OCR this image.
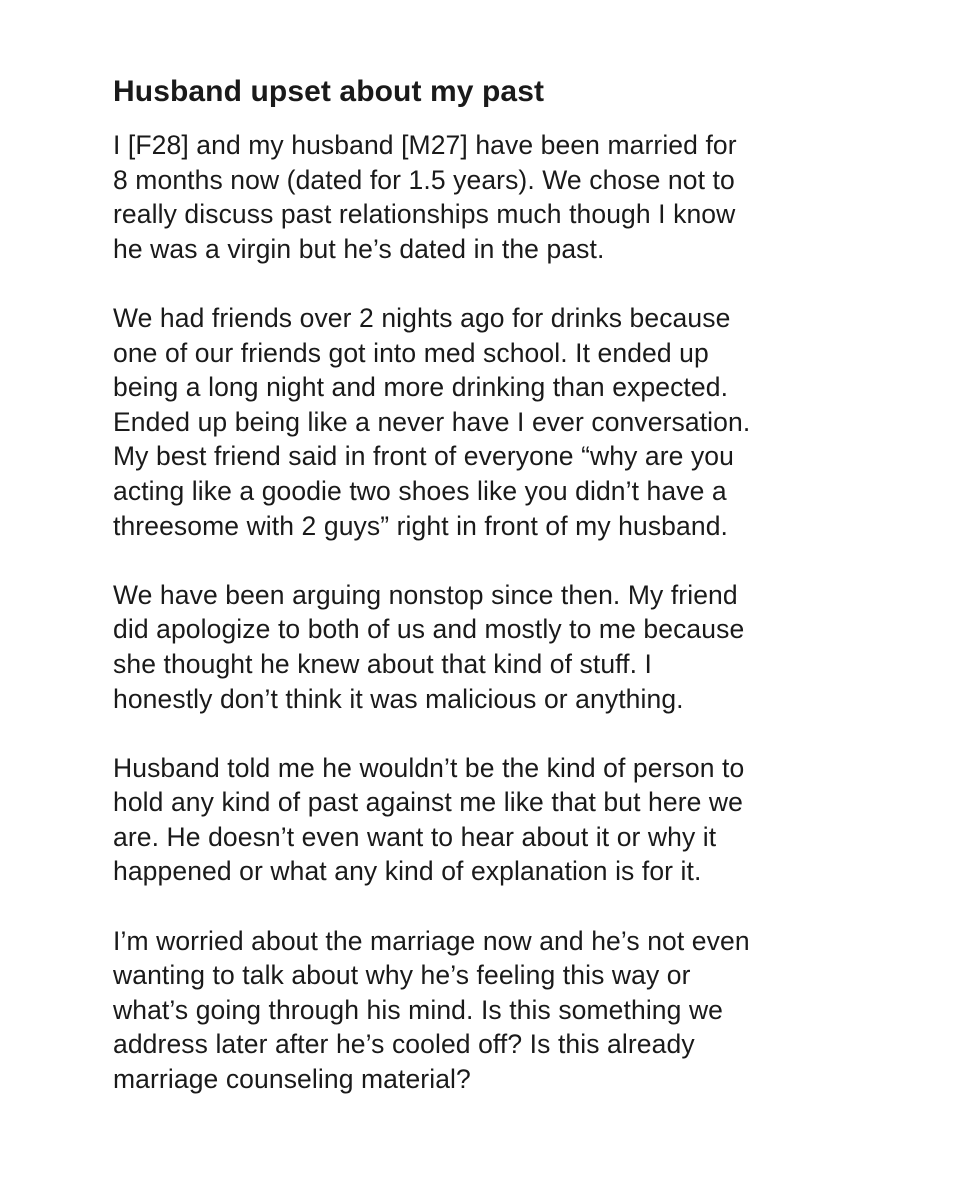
Husband upset about my past

I [F28] and my husband [M27] have been married for
8 months now (dated for 1.5 years). We chose not to
really discuss past relationships much though I know
he was a virgin but he’s dated in the past.

We had friends over 2 nights ago for drinks because
one of our friends got into med school. It ended up
being a long night and more drinking than expected.
Ended up being like a never have I ever conversation.
My best friend said in front of everyone “why are you
acting like a goodie two shoes like you didn’t have a
threesome with 2 guys” right in front of my husband.

We have been arguing nonstop since then. My friend
did apologize to both of us and mostly to me because
she thought he knew about that kind of stuff. I
honestly don’t think it was malicious or anything.

Husband told me he wouldn’t be the kind of person to
hold any kind of past against me like that but here we
are. He doesn’t even want to hear about it or why it
happened or what any kind of explanation is for it.

I’m worried about the marriage now and he’s not even
wanting to talk about why he’s feeling this way or
what’s going through his mind. Is this something we
address later after he’s cooled off? Is this already
marriage counseling material?
